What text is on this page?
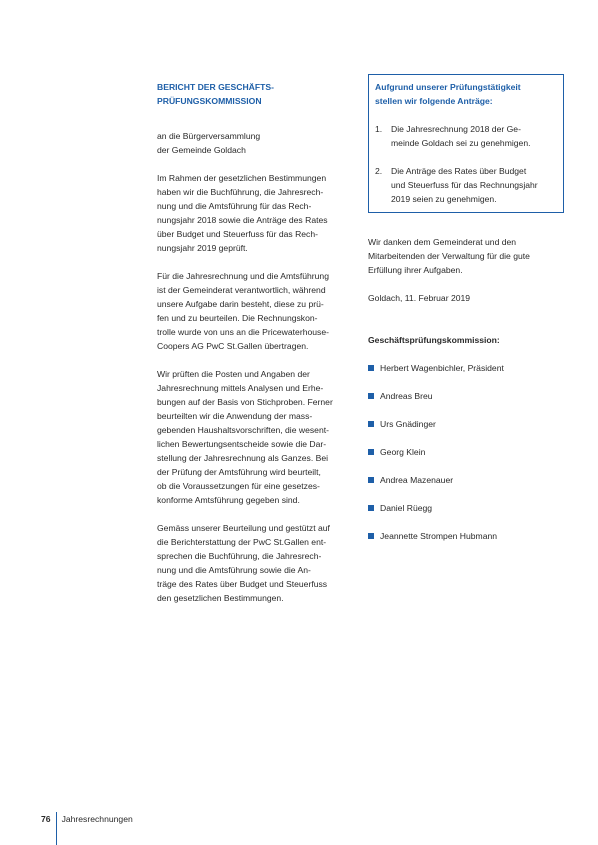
BERICHT DER GESCHÄFTS-
PRÜFUNGSKOMMISSION
an die Bürgerversammlung
der Gemeinde Goldach
Im Rahmen der gesetzlichen Bestimmungen
haben wir die Buchführung, die Jahresrech-
nung und die Amtsführung für das Rech-
nungsjahr 2018 sowie die Anträge des Rates
über Budget und Steuerfuss für das Rech-
nungsjahr 2019 geprüft.
Für die Jahresrechnung und die Amtsführung
ist der Gemeinderat verantwortlich, während
unsere Aufgabe darin besteht, diese zu prü-
fen und zu beurteilen. Die Rechnungskon-
trolle wurde von uns an die Pricewaterhouse-
Coopers AG PwC St.Gallen übertragen.
Wir prüften die Posten und Angaben der
Jahresrechnung mittels Analysen und Erhe-
bungen auf der Basis von Stichproben. Ferner
beurteilten wir die Anwendung der mass-
gebenden Haushaltsvorschriften, die wesent-
lichen Bewertungsentscheide sowie die Dar-
stellung der Jahresrechnung als Ganzes. Bei
der Prüfung der Amtsführung wird beurteilt,
ob die Voraussetzungen für eine gesetzes-
konforme Amtsführung gegeben sind.
Gemäss unserer Beurteilung und gestützt auf
die Berichterstattung der PwC St.Gallen ent-
sprechen die Buchführung, die Jahresrech-
nung und die Amtsführung sowie die An-
träge des Rates über Budget und Steuerfuss
den gesetzlichen Bestimmungen.
Aufgrund unserer Prüfungstätigkeit
stellen wir folgende Anträge:
1.	Die Jahresrechnung 2018 der Ge-
meinde Goldach sei zu genehmigen.
2.	Die Anträge des Rates über Budget
und Steuerfuss für das Rechnungsjahr
2019 seien zu genehmigen.
Wir danken dem Gemeinderat und den
Mitarbeitenden der Verwaltung für die gute
Erfüllung ihrer Aufgaben.
Goldach, 11. Februar 2019
Geschäftsprüfungskommission:
Herbert Wagenbichler, Präsident
Andreas Breu
Urs Gnädinger
Georg Klein
Andrea Mazenauer
Daniel Rüegg
Jeannette Strompen Hubmann
76 Jahresrechnungen
